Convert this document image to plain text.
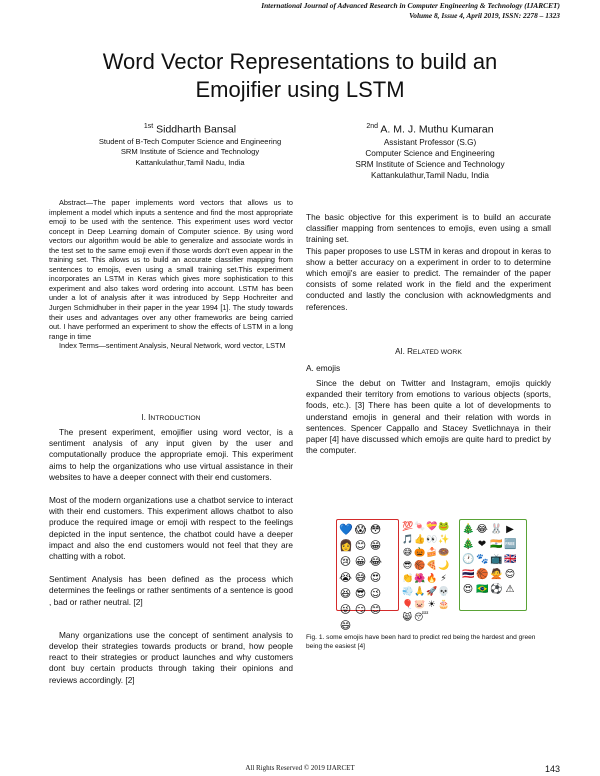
International Journal of Advanced Research in Computer Engineering & Technology (IJARCET)
Volume 8, Issue 4, April 2019, ISSN: 2278 – 1323
Word Vector Representations to build an
Emojifier using LSTM
$^{1st}$ Siddharth Bansal
Student of B-Tech Computer Science and Engineering
SRM Institute of Science and Technology
Kattankulathur,Tamil Nadu, India
$^{2nd}$ A. M. J. Muthu Kumaran
Assistant Professor (S.G)
Computer Science and Engineering
SRM Institute of Science and Technology
Kattankulathur,Tamil Nadu, India

Abstract—The paper implements word vectors that allows us to implement a model which inputs a sentence and find the most appropriate emoji to be used with the sentence. This experiment uses word vector concept in Deep Learning domain of Computer science. By using word vectors our algorithm would be able to generalize and associate words in the test set to the same emoji even if those words don't even appear in the training set. This allows us to build an accurate classifier mapping from sentences to emojis, even using a small training set.This experiment incorporates an LSTM in Keras which gives more sophistication to this experiment and also takes word ordering into account. LSTM has been under a lot of analysis after it was introduced by Sepp Hochreiter and Jurgen Schmidhuber in their paper in the year 1994 [1]. The study towards their uses and advantages over any other frameworks are being carried out. I have performed an experiment to show the effects of LSTM in a long range in time

Index Terms—sentiment Analysis, Neural Network, word vector, LSTM

I. INTRODUCTION

The present experiment, emojifier using word vector, is a sentiment analysis of any input given by the user and computationally produce the appropriate emoji. This experiment aims to help the organizations who use virtual assistance in their websites to have a deeper connect with their end customers.

Most of the modern organizations use a chatbot service to interact with their end customers. This experiment allows chatbot to also produce the required image or emoji with respect to the feelings depicted in the input sentence, the chatbot could have a deeper impact and also the end customers would not feel that they are chatting with a robot.

Sentiment Analysis has been defined as the process which determines the feelings or rather sentiments of a sentence is good , bad or rather neutral. [2]

Many organizations use the concept of sentiment analysis to develop their strategies towards products or brand, how people react to their strategies or product launches and why customers dont buy certain products through taking their opinions and reviews accordingly. [2]

The basic objective for this experiment is to build an accurate classifier mapping from sentences to emojis, even using a small training set.

This paper proposes to use LSTM in keras and dropout in keras to show a better accuracy on a experiment in order to to determine which emoji's are easier to predict. The remainder of the paper consists of some related work in the field and the experiment conducted and lastly the conclusion with acknowledgments and references.

AI. RELATED WORK
A. emojis

Since the debut on Twitter and Instagram, emojis quickly expanded their territory from emotions to various objects (sports, foods, etc.). [3] There has been quite a lot of developments to understand emojis in general and their relation with words in sentences. Spencer Cappallo and Stacey Svetlichnaya in their paper [4] have discussed which emojis are quite hard to predict by the computer.

💙 😱 😳
👩 😊 😁
😢 😀 😂
😭 😅 😍
😆 😎 😉
😜 😏 😊
😄
💯 🍬 💝 🐸
🎵 👍 👀 ✨
😅 🎃 🍰 🍩
😎 🏀 🍕 🌙
👏 🌺 🔥 ⚡
💨 🙏 🚀 💀
🎈 🐷 ☀ 🎂
😸 😴
🎄 😂 🐰 ▶
🎄 ❤ 🇮🇳 🆓
🕐 🐾 📺 🇬🇧
🇹🇭 🏀 🙅 😊
😍 🇧🇷 ⚽ ⚠
Fig. 1. some emojis have been hard to predict red being the hardest and green being the easiest [4]
All Rights Reserved © 2019 IJARCET	143
